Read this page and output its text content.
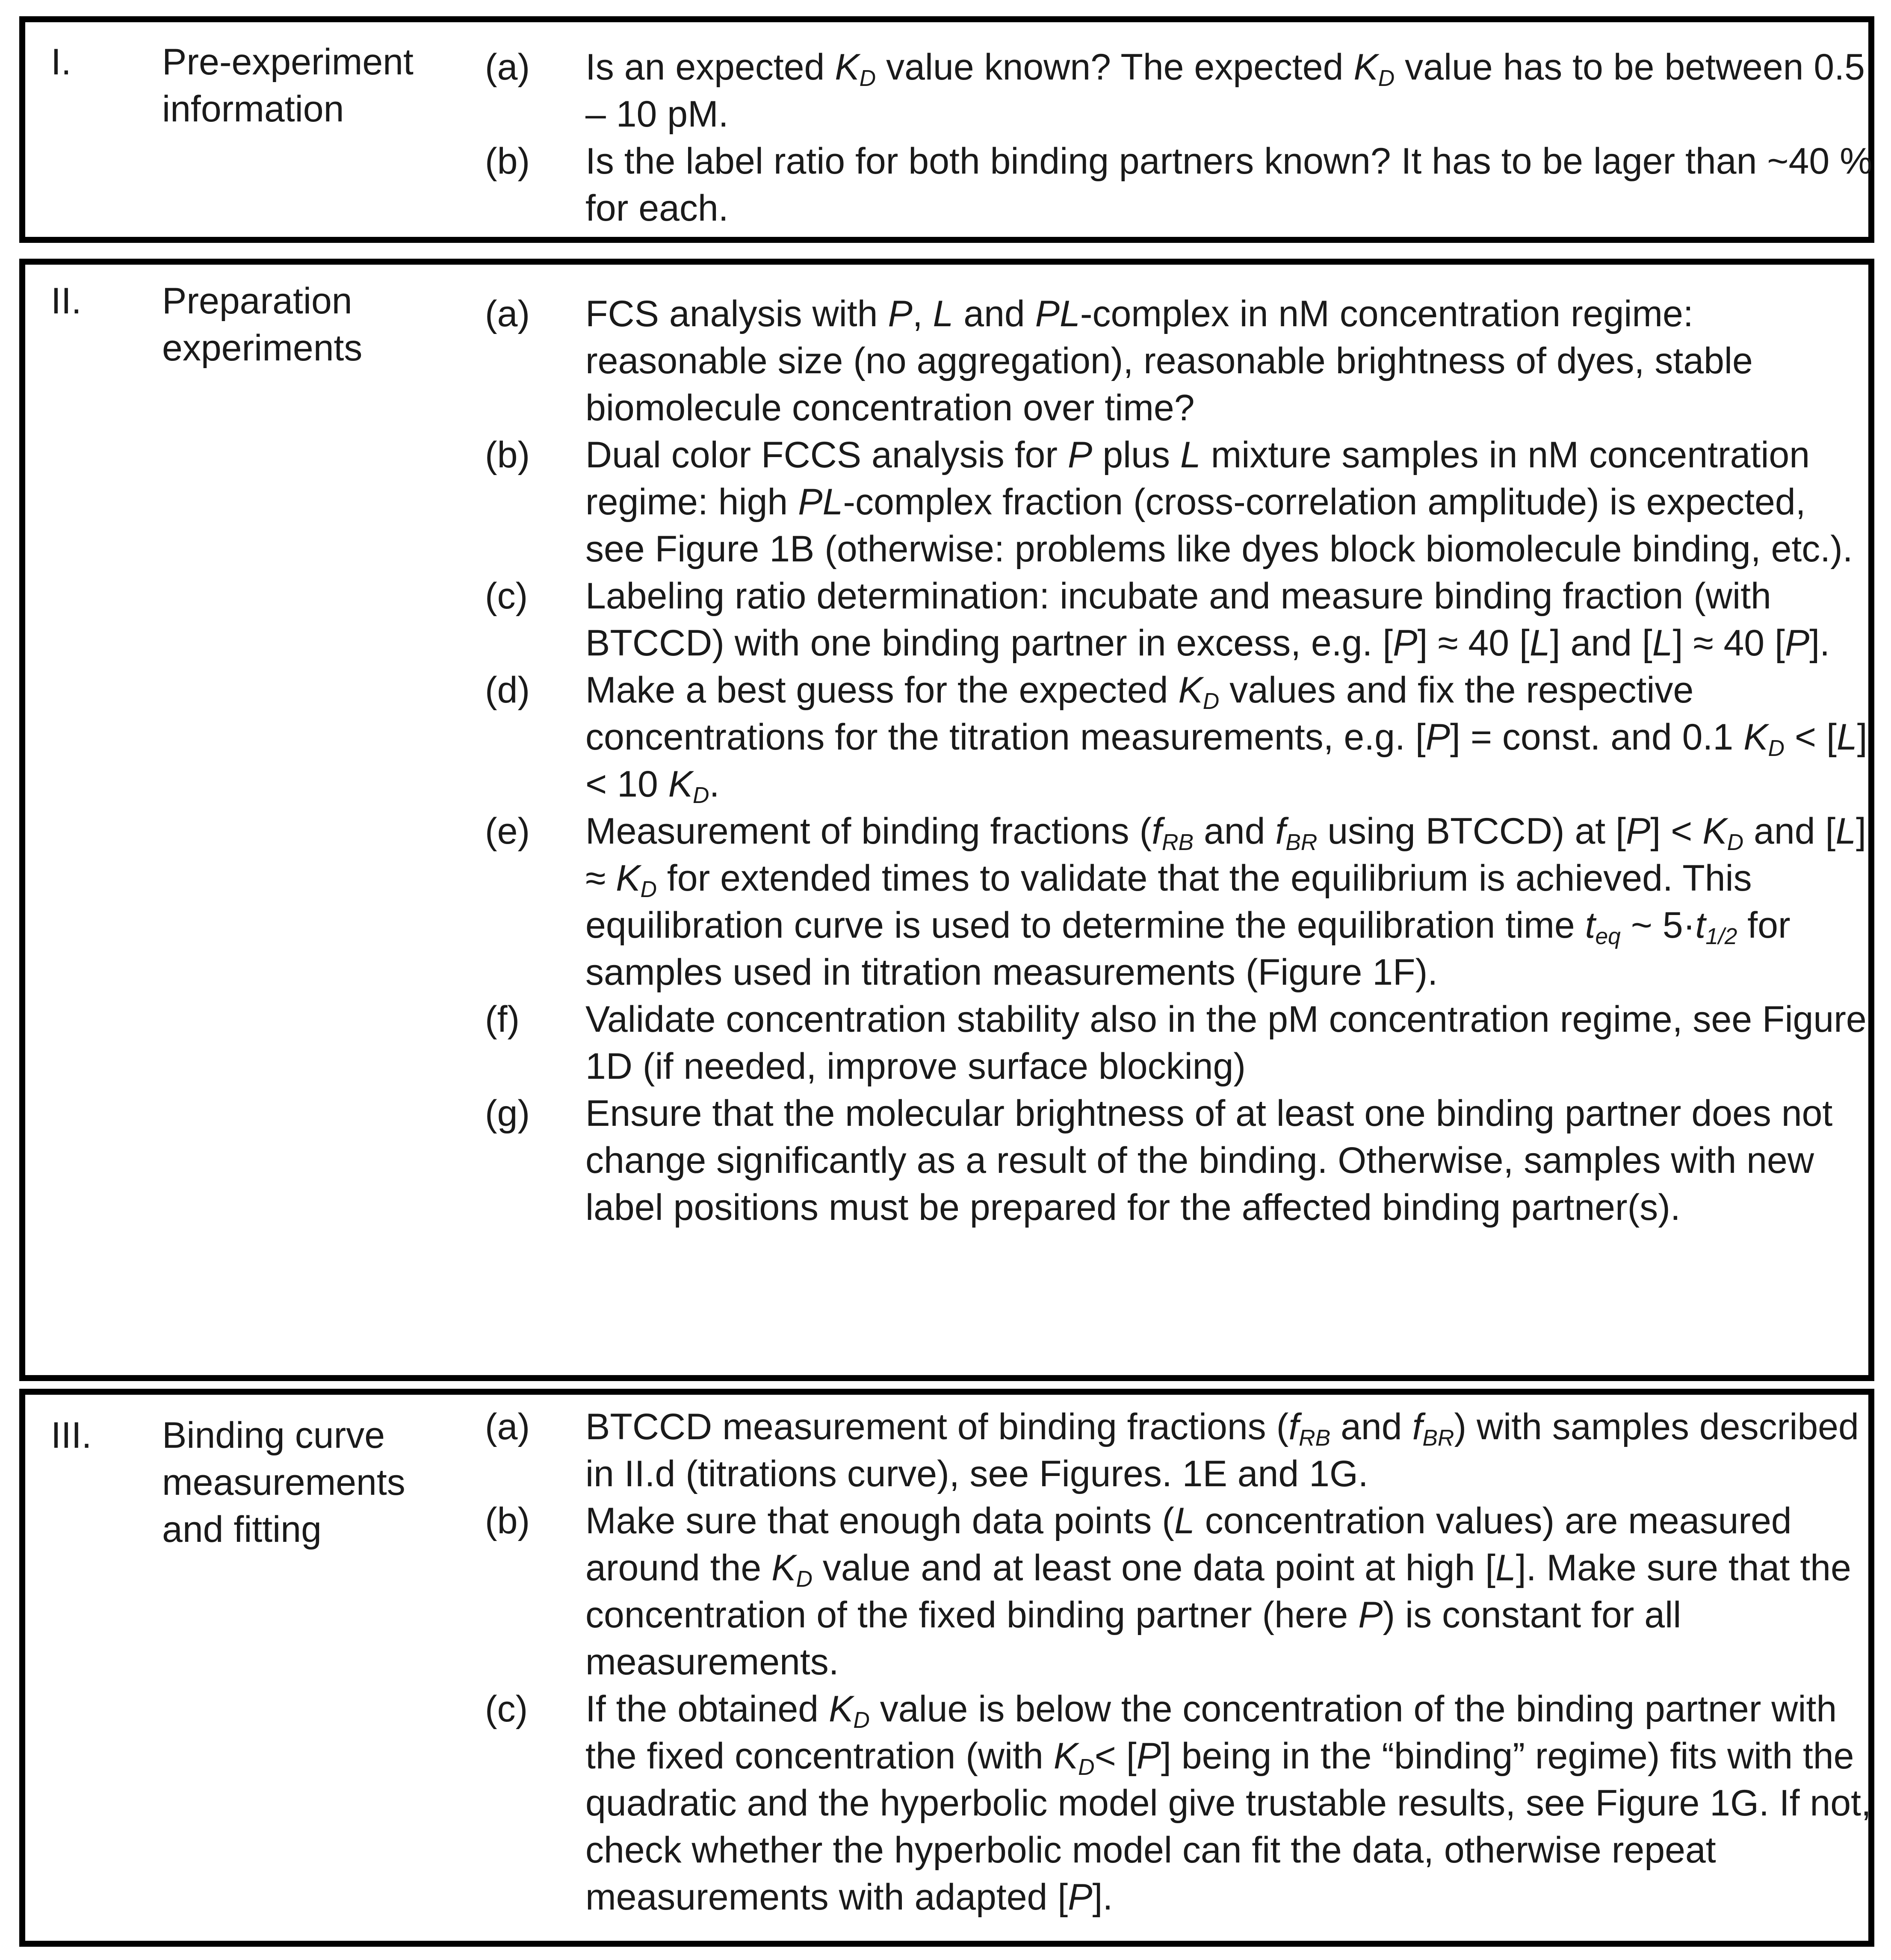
I. Pre-experiment information
(a)	Is an expected $K_D$ value known? The expected $K_D$ value has to be between 0.5 – 10 pM.
(b)	Is the label ratio for both binding partners known? It has to be lager than ~40 % for each.
II. Preparation experiments
(a)	FCS analysis with P, L and PL-complex in nM concentration regime: reasonable size (no aggregation), reasonable brightness of dyes, stable biomolecule concentration over time?
(b)	Dual color FCCS analysis for P plus L mixture samples in nM concentration regime: high PL-complex fraction (cross-correlation amplitude) is expected, see Figure 1B (otherwise: problems like dyes block biomolecule binding, etc.).
(c)	Labeling ratio determination: incubate and measure binding fraction (with BTCCD) with one binding partner in excess, e.g. [P] ≈ 40 [L] and [L] ≈ 40 [P].
(d)	Make a best guess for the expected $K_D$ values and fix the respective concentrations for the titration measurements, e.g. [P] = const. and 0.1 $K_D < [L] < 10$ $K_D$.
(e)	Measurement of binding fractions ($f_{RB}$ and $f_{BR}$ using BTCCD) at $[P] < K_D$ and $[L] \approx K_D$ for extended times to validate that the equilibrium is achieved. This equilibration curve is used to determine the equilibration time $t_{eq}$ ~ $5\cdot t_{1/2}$ for samples used in titration measurements (Figure 1F).
(f)	Validate concentration stability also in the pM concentration regime, see Figure 1D (if needed, improve surface blocking)
(g)	Ensure that the molecular brightness of at least one binding partner does not change significantly as a result of the binding. Otherwise, samples with new label positions must be prepared for the affected binding partner(s).
III. Binding curve measurements and fitting
(a)	BTCCD measurement of binding fractions ($f_{RB}$ and $f_{BR}$) with samples described in II.d (titrations curve), see Figures. 1E and 1G.
(b)	Make sure that enough data points (L concentration values) are measured around the $K_D$ value and at least one data point at high [L]. Make sure that the concentration of the fixed binding partner (here P) is constant for all measurements.
(c)	If the obtained $K_D$ value is below the concentration of the binding partner with the fixed concentration (with $K_D< [P]$ being in the “binding” regime) fits with the quadratic and the hyperbolic model give trustable results, see Figure 1G. If not, check whether the hyperbolic model can fit the data, otherwise repeat measurements with adapted [P].
